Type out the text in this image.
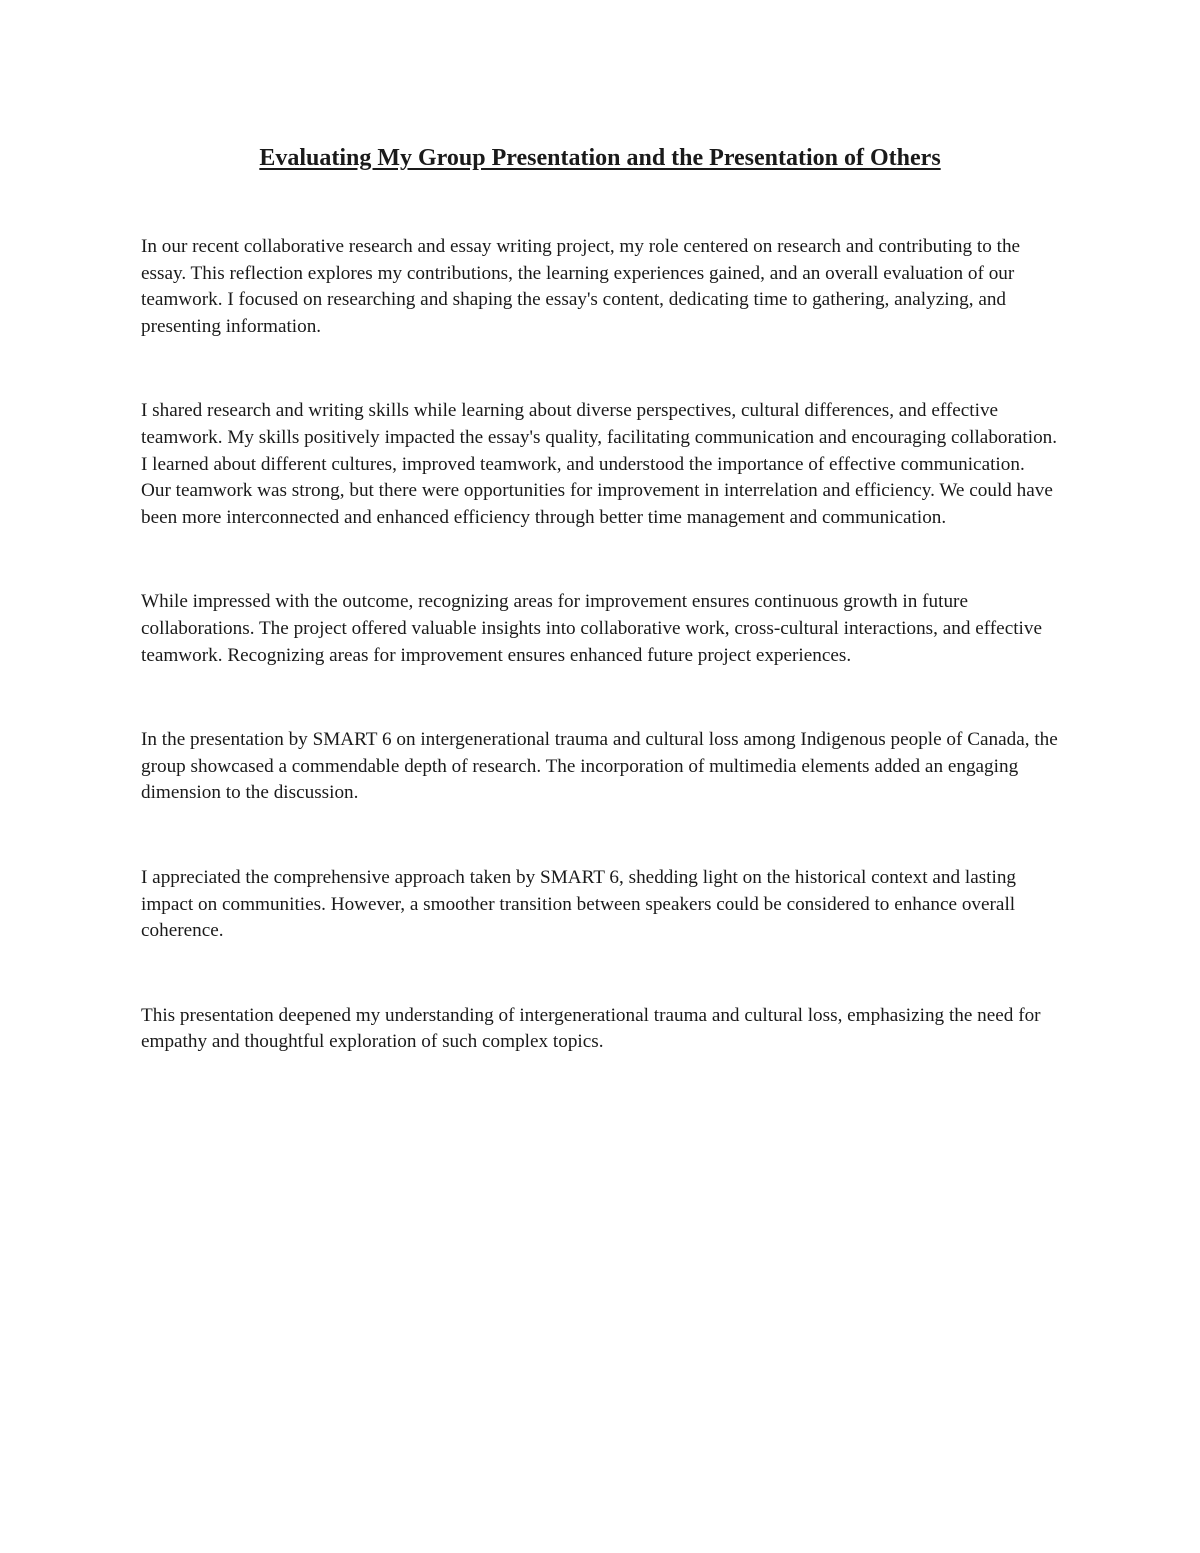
Evaluating My Group Presentation and the Presentation of Others

In our recent collaborative research and essay writing project, my role centered on research and contributing to the essay. This reflection explores my contributions, the learning experiences gained, and an overall evaluation of our teamwork. I focused on researching and shaping the essay's content, dedicating time to gathering, analyzing, and presenting information.

I shared research and writing skills while learning about diverse perspectives, cultural differences, and effective teamwork. My skills positively impacted the essay's quality, facilitating communication and encouraging collaboration. I learned about different cultures, improved teamwork, and understood the importance of effective communication. Our teamwork was strong, but there were opportunities for improvement in interrelation and efficiency. We could have been more interconnected and enhanced efficiency through better time management and communication.

While impressed with the outcome, recognizing areas for improvement ensures continuous growth in future collaborations. The project offered valuable insights into collaborative work, cross-cultural interactions, and effective teamwork. Recognizing areas for improvement ensures enhanced future project experiences.

In the presentation by SMART 6 on intergenerational trauma and cultural loss among Indigenous people of Canada, the group showcased a commendable depth of research. The incorporation of multimedia elements added an engaging dimension to the discussion.

I appreciated the comprehensive approach taken by SMART 6, shedding light on the historical context and lasting impact on communities. However, a smoother transition between speakers could be considered to enhance overall coherence.

This presentation deepened my understanding of intergenerational trauma and cultural loss, emphasizing the need for empathy and thoughtful exploration of such complex topics.
